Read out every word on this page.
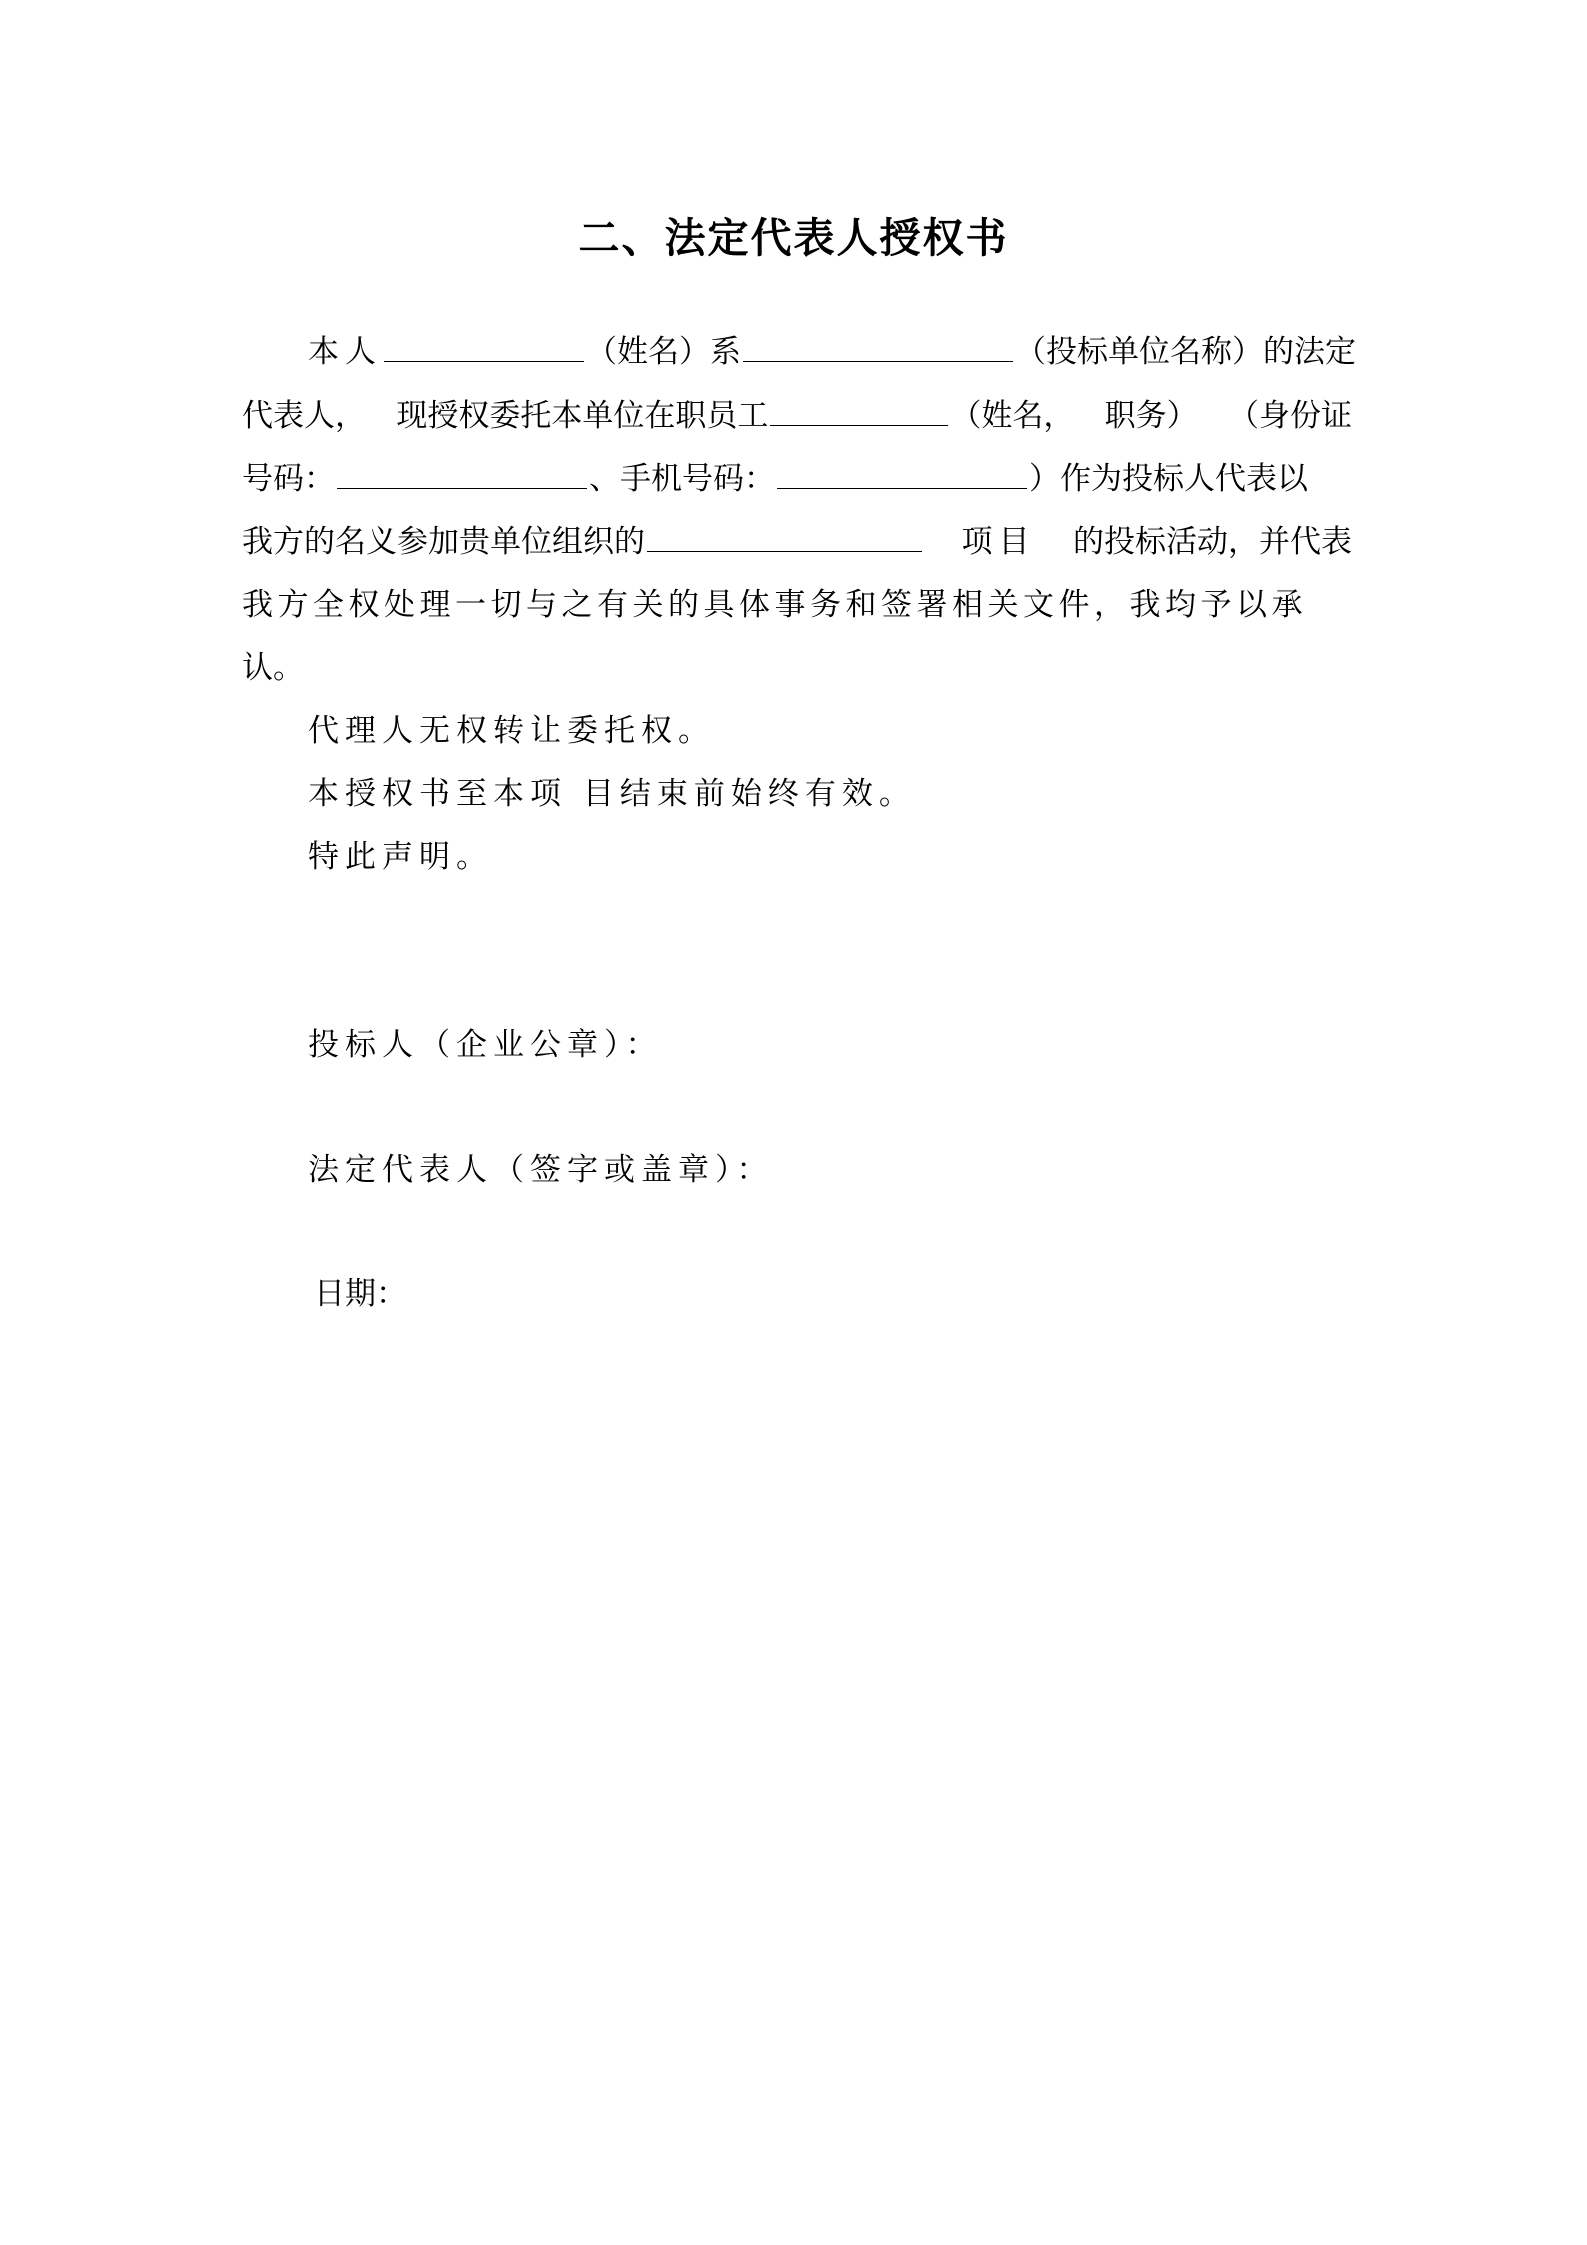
二、法定代表人授权书
本人	（姓名）系	（投标单位名称）的法定
代表人， 现授权委托本单位在职员工	（姓名， 职务） （身份证
号码：	、手机号码：	）作为投标人代表以
我方的名义参加贵单位组织的	项目 的投标活动，并代表
我方全权处理一切与之有关的具体事务和签署相关文件，我均予以承
认。
代理人无权转让委托权。
本授权书至本项 目结束前始终有效。
特此声明。
投标人（企业公章）：
法定代表人（签字或盖章）：
日期：
